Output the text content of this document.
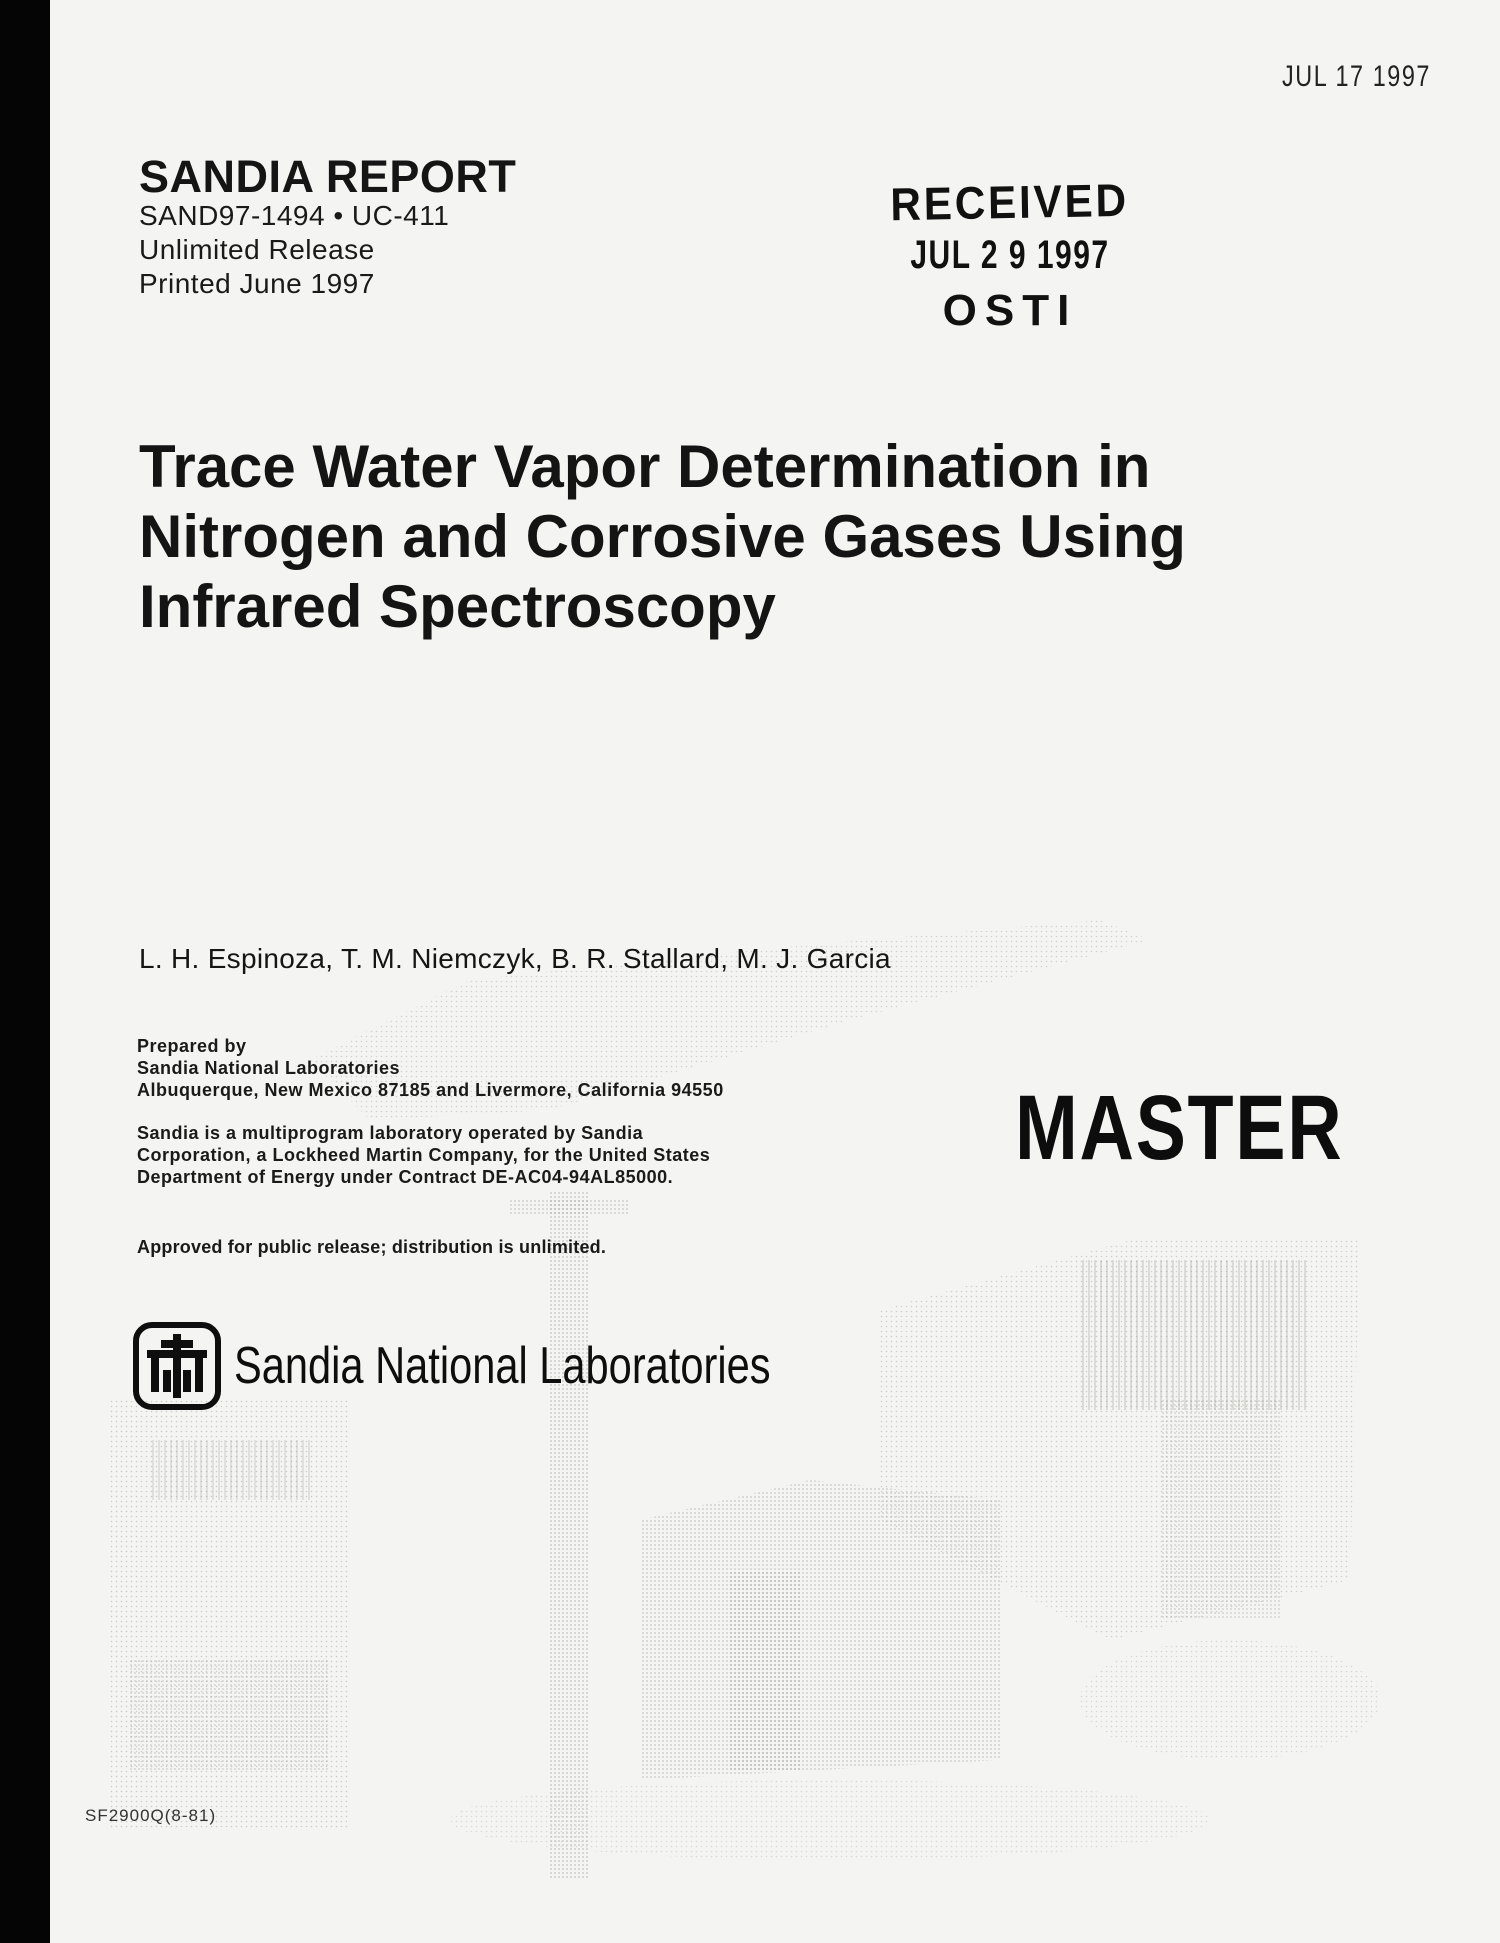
JUL 17 1997
SANDIA REPORT
SAND97-1494 • UC-411
Unlimited Release
Printed June 1997
RECEIVED
JUL 2 9 1997
OSTI
Trace Water Vapor Determination in
Nitrogen and Corrosive Gases Using
Infrared Spectroscopy
L. H. Espinoza, T. M. Niemczyk, B. R. Stallard, M. J. Garcia
Prepared by
Sandia National Laboratories
Albuquerque, New Mexico 87185 and Livermore, California 94550
Sandia is a multiprogram laboratory operated by Sandia
Corporation, a Lockheed Martin Company, for the United States
Department of Energy under Contract DE-AC04-94AL85000.
Approved for public release; distribution is unlimited.
MASTER
Sandia National Laboratories
SF2900Q(8-81)
